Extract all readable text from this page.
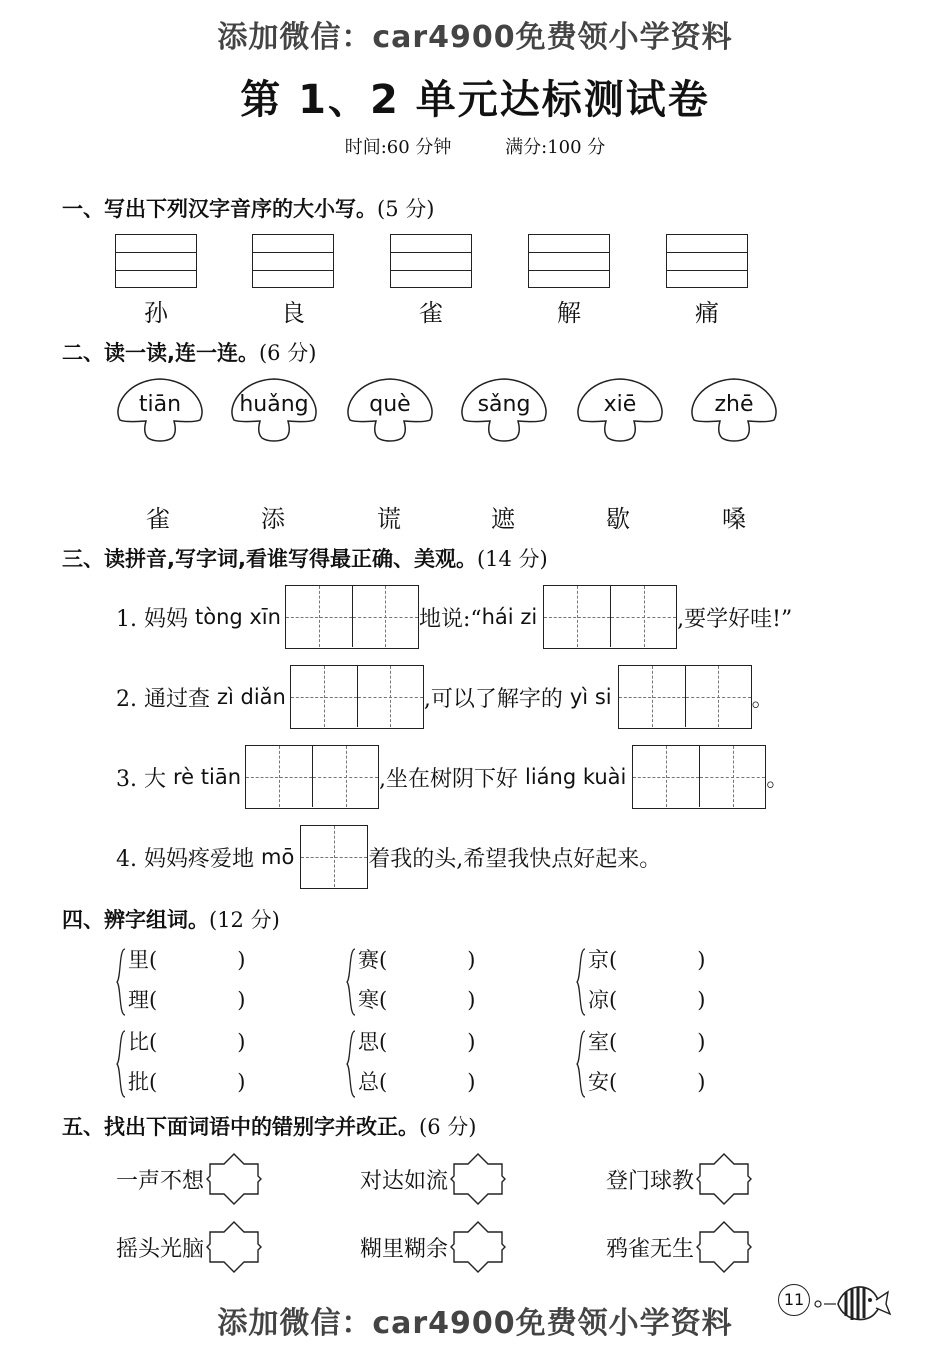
添加微信：car4900免费领小学资料
第 1、2 单元达标测试卷
时间:60 分钟	满分:100 分
一、写出下列汉字音序的大小写。(5 分)
孙	良	雀	解	痛
二、读一读,连一连。(6 分)
tiān	huǎng	què	sǎng	xiē	zhē
雀	添	谎	遮	歇	嗓
三、读拼音,写字词,看谁写得最正确、美观。(14 分)
1. 妈妈
tòng xīn	地说:“ hái zi	,要学好哇!”
2. 通过查
zì diǎn	,可以了解字的
yì si	。
3. 大
rè tiān	,坐在树阴下好
liáng kuài	。
4. 妈妈疼爱地
mō	着我的头,希望我快点好起来。
四、辨字组词。(12 分)
里(	)
理(	)
赛(	)
寒(	)
京(	)
凉(	)
比(	)
批(	)
思(	)
总(	)
室(	)
安(	)
五、找出下面词语中的错别字并改正。(6 分)
一声不想	对达如流	登门球教
摇头光脑	糊里糊余	鸦雀无生
11
添加微信：car4900免费领小学资料
